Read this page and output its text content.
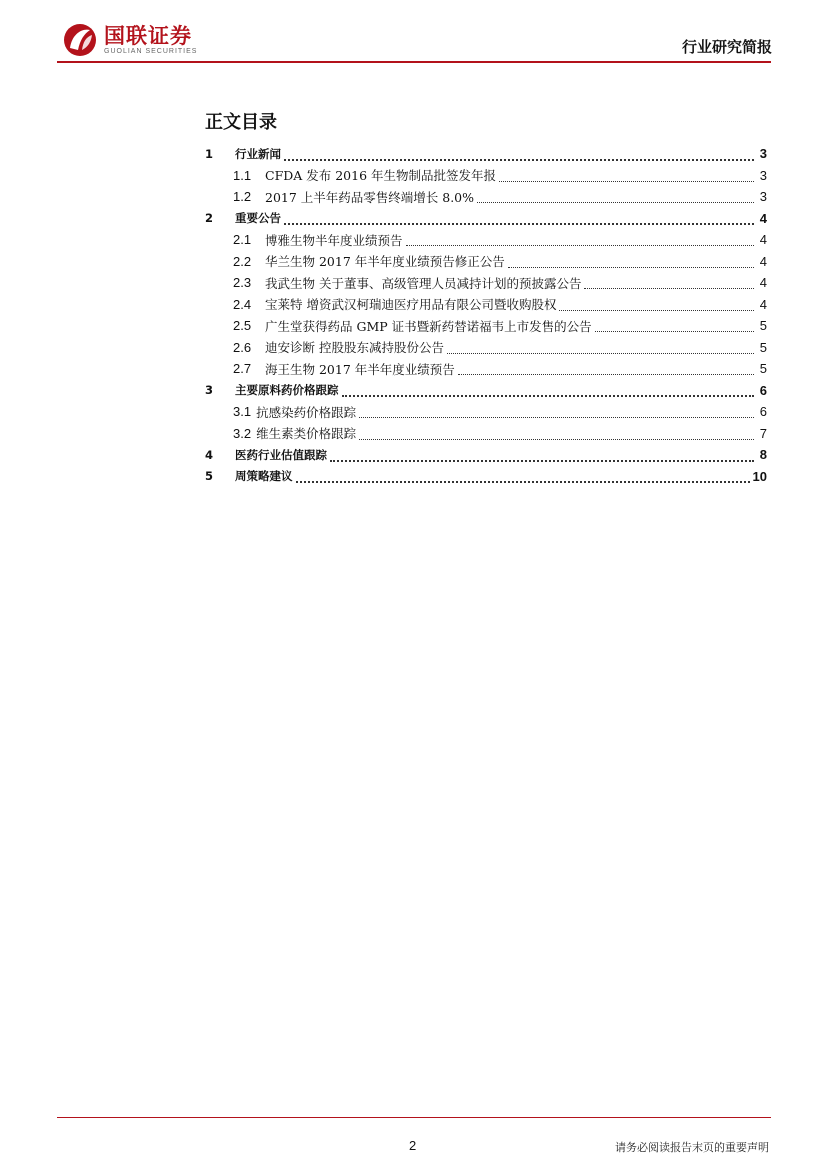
国联证券
GUOLIAN SECURITIES	行业研究简报
正文目录
1	行业新闻	3
1.1	CFDA 发布 2016 年生物制品批签发年报	3
1.2	2017 上半年药品零售终端增长 8.0%	3
2	重要公告	4
2.1	博雅生物半年度业绩预告	4
2.2	华兰生物 2017 年半年度业绩预告修正公告	4
2.3	我武生物 关于董事、高级管理人员减持计划的预披露公告	4
2.4	宝莱特 增资武汉柯瑞迪医疗用品有限公司暨收购股权	4
2.5	广生堂获得药品 GMP 证书暨新药替诺福韦上市发售的公告	5
2.6	迪安诊断 控股股东减持股份公告	5
2.7	海王生物 2017 年半年度业绩预告	5
3	主要原料药价格跟踪	6
3.1 抗感染药价格跟踪	6
3.2 维生素类价格跟踪	7
4	医药行业估值跟踪	8
5	周策略建议	10
2	请务必阅读报告末页的重要声明
